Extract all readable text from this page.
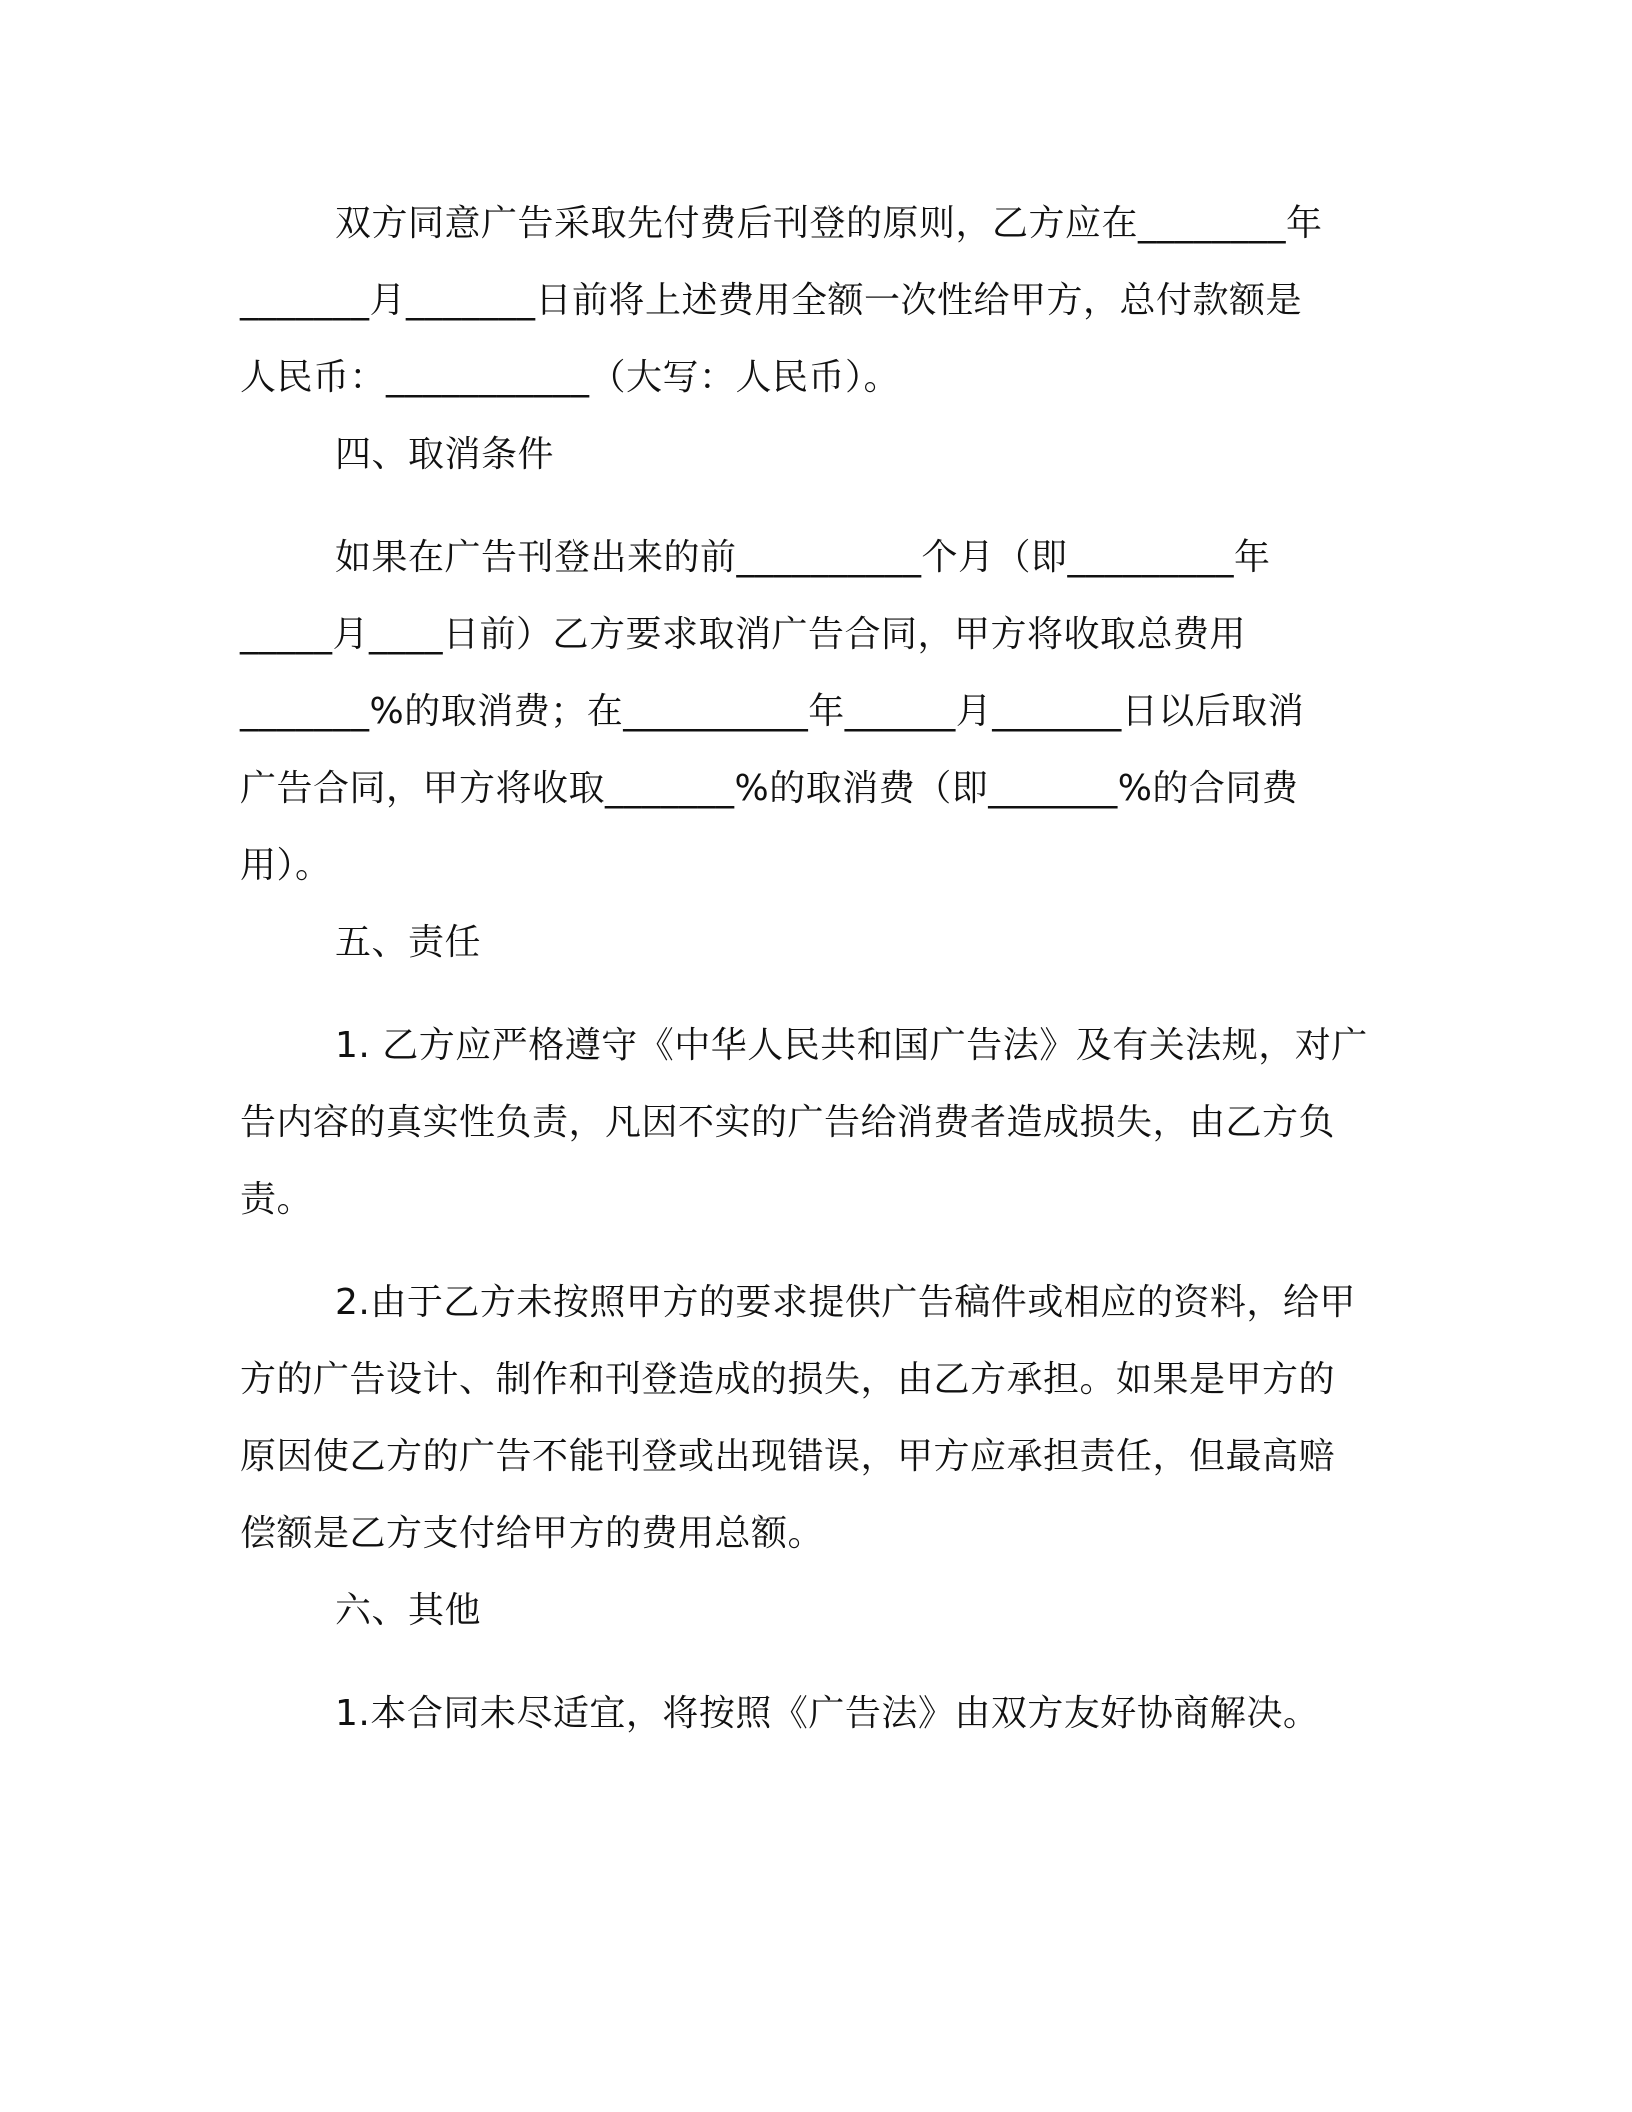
双方同意广告采取先付费后刊登的原则，乙方应在________年
_______月_______日前将上述费用全额一次性给甲方，总付款额是
人民币：___________（大写：人民币）。

四、取消条件

如果在广告刊登出来的前__________个月（即_________年
_____月____日前）乙方要求取消广告合同，甲方将收取总费用
_______%的取消费；在__________年______月_______日以后取消
广告合同，甲方将收取_______%的取消费（即_______%的合同费
用）。

五、责任

1. 乙方应严格遵守《中华人民共和国广告法》及有关法规，对广
告内容的真实性负责，凡因不实的广告给消费者造成损失，由乙方负
责。

2.由于乙方未按照甲方的要求提供广告稿件或相应的资料，给甲
方的广告设计、制作和刊登造成的损失，由乙方承担。如果是甲方的
原因使乙方的广告不能刊登或出现错误，甲方应承担责任，但最高赔
偿额是乙方支付给甲方的费用总额。

六、其他

1.本合同未尽适宜，将按照《广告法》由双方友好协商解决。
